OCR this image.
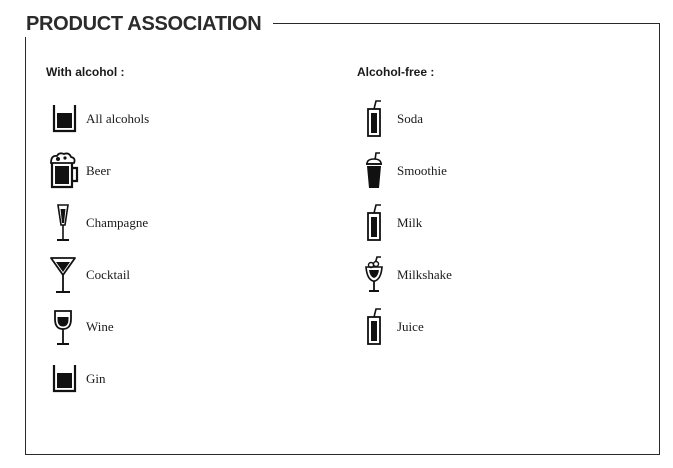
PRODUCT ASSOCIATION
With alcohol :
All alcohols
Beer
Champagne
Cocktail
Wine
Gin
Alcohol-free :
Soda
Smoothie
Milk
Milkshake
Juice
